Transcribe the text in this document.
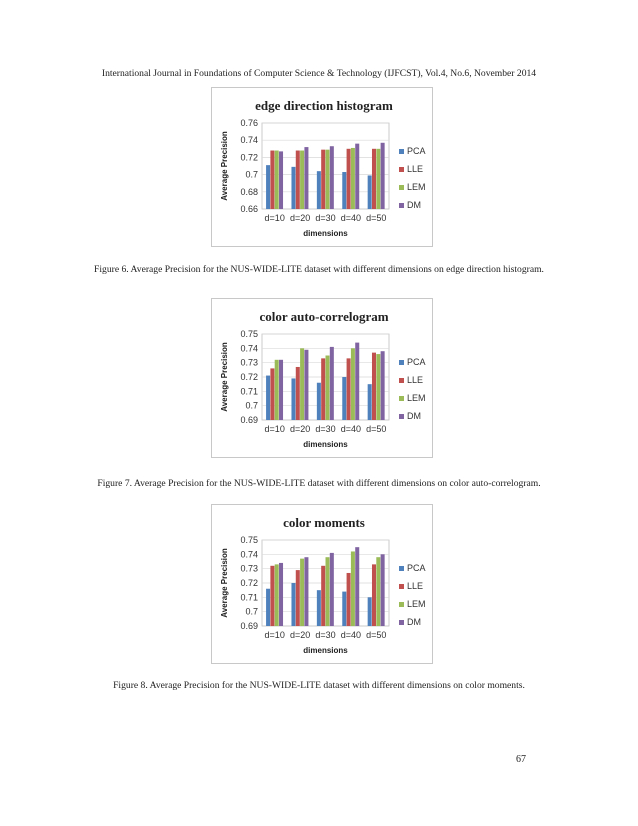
International Journal in Foundations of Computer Science & Technology (IJFCST), Vol.4, No.6, November 2014
edge direction histogram
0.66
0.68
0.7
0.72
0.74
0.76
Average Precision
d=10 d=20 d=30 d=40 d=50
dimensions
PCA
LLE
LEM
DM
Figure 6. Average Precision for the NUS-WIDE-LITE dataset with different dimensions on edge direction histogram.
color auto-correlogram
0.69
0.7
0.71
0.72
0.73
0.74
0.75
Average Precision
d=10 d=20 d=30 d=40 d=50
dimensions
PCA
LLE
LEM
DM
Figure 7. Average Precision for the NUS-WIDE-LITE dataset with different dimensions on color auto-correlogram.
color moments
0.69
0.7
0.71
0.72
0.73
0.74
0.75
Average Precision
d=10 d=20 d=30 d=40 d=50
dimensions
PCA
LLE
LEM
DM
Figure 8. Average Precision for the NUS-WIDE-LITE dataset with different dimensions on color moments.
67
